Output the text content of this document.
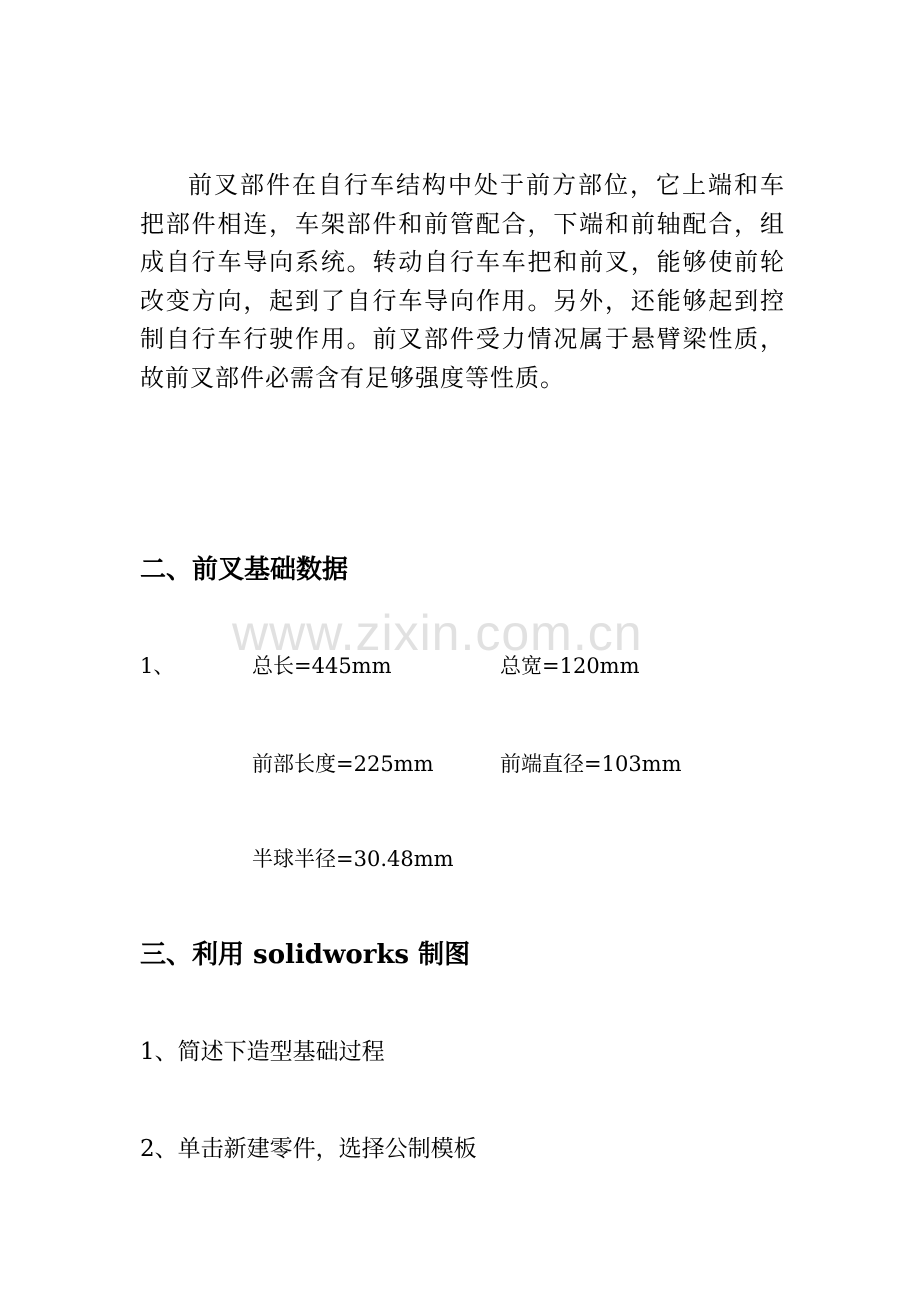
前叉部件在自行车结构中处于前方部位，它上端和车把部件相连，车架部件和前管配合，下端和前轴配合，组成自行车导向系统。转动自行车车把和前叉，能够使前轮改变方向，起到了自行车导向作用。另外，还能够起到控制自行车行驶作用。前叉部件受力情况属于悬臂梁性质，故前叉部件必需含有足够强度等性质。

二、前叉基础数据
1、	总长=445mm	总宽=120mm
前部长度=225mm	前端直径=103mm
半球半径=30.48mm
三、利用 solidworks 制图

1、简述下造型基础过程

2、单击新建零件，选择公制模板

www.zixin.com.cn
